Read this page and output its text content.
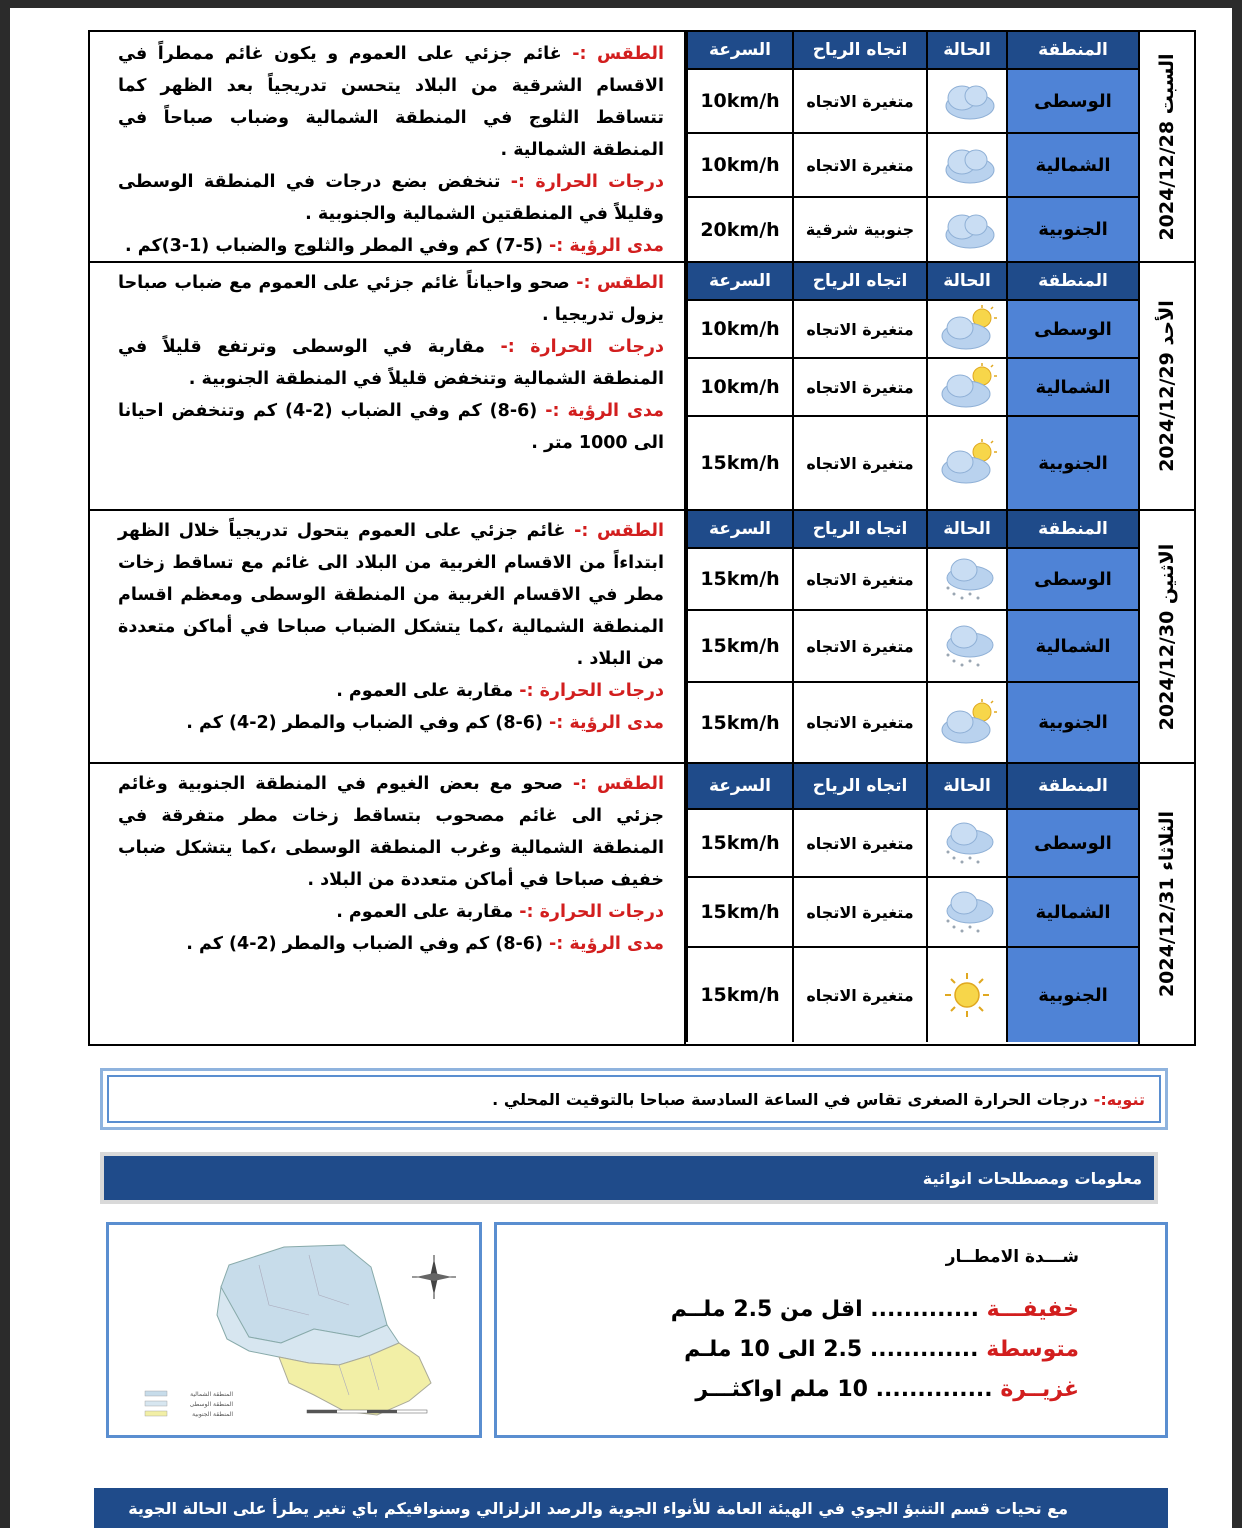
السبت 2024/12/28
المنطقة
الحالة
اتجاه الرياح
السرعة
الوسطى
متغيرة الاتجاه
10km/h
الشمالية
متغيرة الاتجاه
10km/h
الجنوبية
جنوبية شرقية
20km/h
الطقس :- غائم جزئي على العموم و يكون غائم ممطراً في الاقسام الشرقية من البلاد يتحسن تدريجياً بعد الظهر كما تتساقط الثلوج في المنطقة الشمالية وضباب صباحاً في المنطقة الشمالية .
درجات الحرارة :- تنخفض بضع درجات في المنطقة الوسطى وقليلاً في المنطقتين الشمالية والجنوبية .
مدى الرؤية :- (5-7) كم وفي المطر والثلوج والضباب (1-3)كم .
الأحد 2024/12/29
المنطقة
الحالة
اتجاه الرياح
السرعة
الوسطى
متغيرة الاتجاه
10km/h
الشمالية
متغيرة الاتجاه
10km/h
الجنوبية
متغيرة الاتجاه
15km/h
الطقس :- صحو واحياناً غائم جزئي على العموم مع ضباب صباحا يزول تدريجيا .
درجات الحرارة :- مقاربة في الوسطى وترتفع قليلاً في المنطقة الشمالية وتنخفض قليلاً في المنطقة الجنوبية .
مدى الرؤية :- (6-8) كم وفي الضباب (2-4) كم وتنخفض احيانا الى 1000 متر .
الاثنين 2024/12/30
المنطقة
الحالة
اتجاه الرياح
السرعة
الوسطى
متغيرة الاتجاه
15km/h
الشمالية
متغيرة الاتجاه
15km/h
الجنوبية
متغيرة الاتجاه
15km/h
الطقس :- غائم جزئي على العموم يتحول تدريجياً خلال الظهر ابتداءاً من الاقسام الغربية من البلاد الى غائم مع تساقط زخات مطر في الاقسام الغربية من المنطقة الوسطى ومعظم اقسام المنطقة الشمالية ،كما يتشكل الضباب صباحا في أماكن متعددة من البلاد .
درجات الحرارة :- مقاربة على العموم .
مدى الرؤية :- (6-8) كم وفي الضباب والمطر (2-4) كم .
الثلاثاء 2024/12/31
المنطقة
الحالة
اتجاه الرياح
السرعة
الوسطى
متغيرة الاتجاه
15km/h
الشمالية
متغيرة الاتجاه
15km/h
الجنوبية
متغيرة الاتجاه
15km/h
الطقس :- صحو مع بعض الغيوم في المنطقة الجنوبية وغائم جزئي الى غائم مصحوب بتساقط زخات مطر متفرقة في المنطقة الشمالية وغرب المنطقة الوسطى ،كما يتشكل ضباب خفيف صباحا في أماكن متعددة من البلاد .
درجات الحرارة :- مقاربة على العموم .
مدى الرؤية :- (6-8) كم وفي الضباب والمطر (2-4) كم .
تنويه:-
درجات الحرارة الصغرى تقاس في الساعة السادسة صباحا بالتوقيت المحلي .
معلومات ومصطلحات انوائية
المنطقة الشمالية
المنطقة الوسطى
المنطقة الجنوبية
شـــدة الامطــار
خفيفـــة ............. اقل من 2.5 ملــم
متوسطة ............. 2.5 الى 10 ملـم
غزيــرة .............. 10 ملم اواكثـــر
مع تحيات قسم التنبؤ الجوي في الهيئة العامة للأنواء الجوية والرصد الزلزالي وسنوافيكم باي تغير يطرأ على الحالة الجوية
